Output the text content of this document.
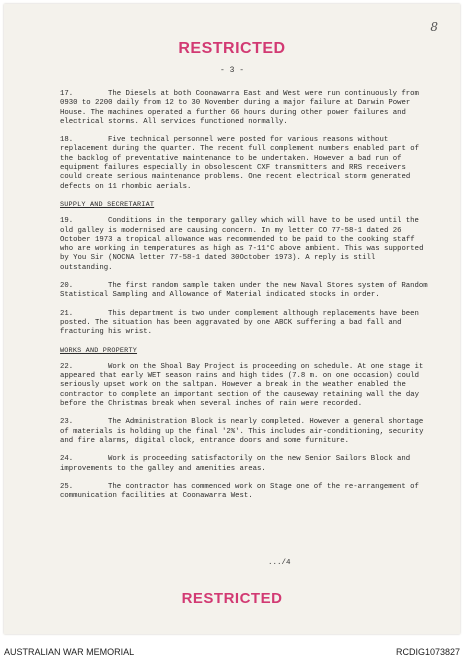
8
RESTRICTED
- 3 -

17.	The Diesels at both Coonawarra East and West were run continuously from 0930 to 2200 daily from 12 to 30 November during a major failure at Darwin Power House. The machines operated a further 66 hours during other power failures and electrical storms. All services functioned normally.

18.	Five technical personnel were posted for various reasons without replacement during the quarter. The recent full complement numbers enabled part of the backlog of preventative maintenance to be undertaken. However a bad run of equipment failures especially in obsolescent CXF transmitters and RRS receivers could create serious maintenance problems. One recent electrical storm generated defects on 11 rhombic aerials.

SUPPLY AND SECRETARIAT

19.	Conditions in the temporary galley which will have to be used until the old galley is modernised are causing concern. In my letter CO 77-58-1 dated 26 October 1973 a tropical allowance was recommended to be paid to the cooking staff who are working in temperatures as high as 7-11°C above ambient. This was supported by You Sir (NOCNA letter 77-58-1 dated 30October 1973). A reply is still outstanding.

20.	The first random sample taken under the new Naval Stores system of Random Statistical Sampling and Allowance of Material indicated stocks in order.

21.	This department is two under complement although replacements have been posted. The situation has been aggravated by one ABCK suffering a bad fall and fracturing his wrist.

WORKS AND PROPERTY

22.	Work on the Shoal Bay Project is proceeding on schedule. At one stage it appeared that early WET season rains and high tides (7.8 m. on one occasion) could seriously upset work on the saltpan. However a break in the weather enabled the contractor to complete an important section of the causeway retaining wall the day before the Christmas break when several inches of rain were recorded.

23.	The Administration Block is nearly completed. However a general shortage of materials is holding up the final '2%'. This includes air-conditioning, security and fire alarms, digital clock, entrance doors and some furniture.

24.	Work is proceeding satisfactorily on the new Senior Sailors Block and improvements to the galley and amenities areas.

25.	The contractor has commenced work on Stage one of the re-arrangement of communication facilities at Coonawarra West.

.../4
RESTRICTED
AUSTRALIAN WAR MEMORIAL	RCDIG1073827
